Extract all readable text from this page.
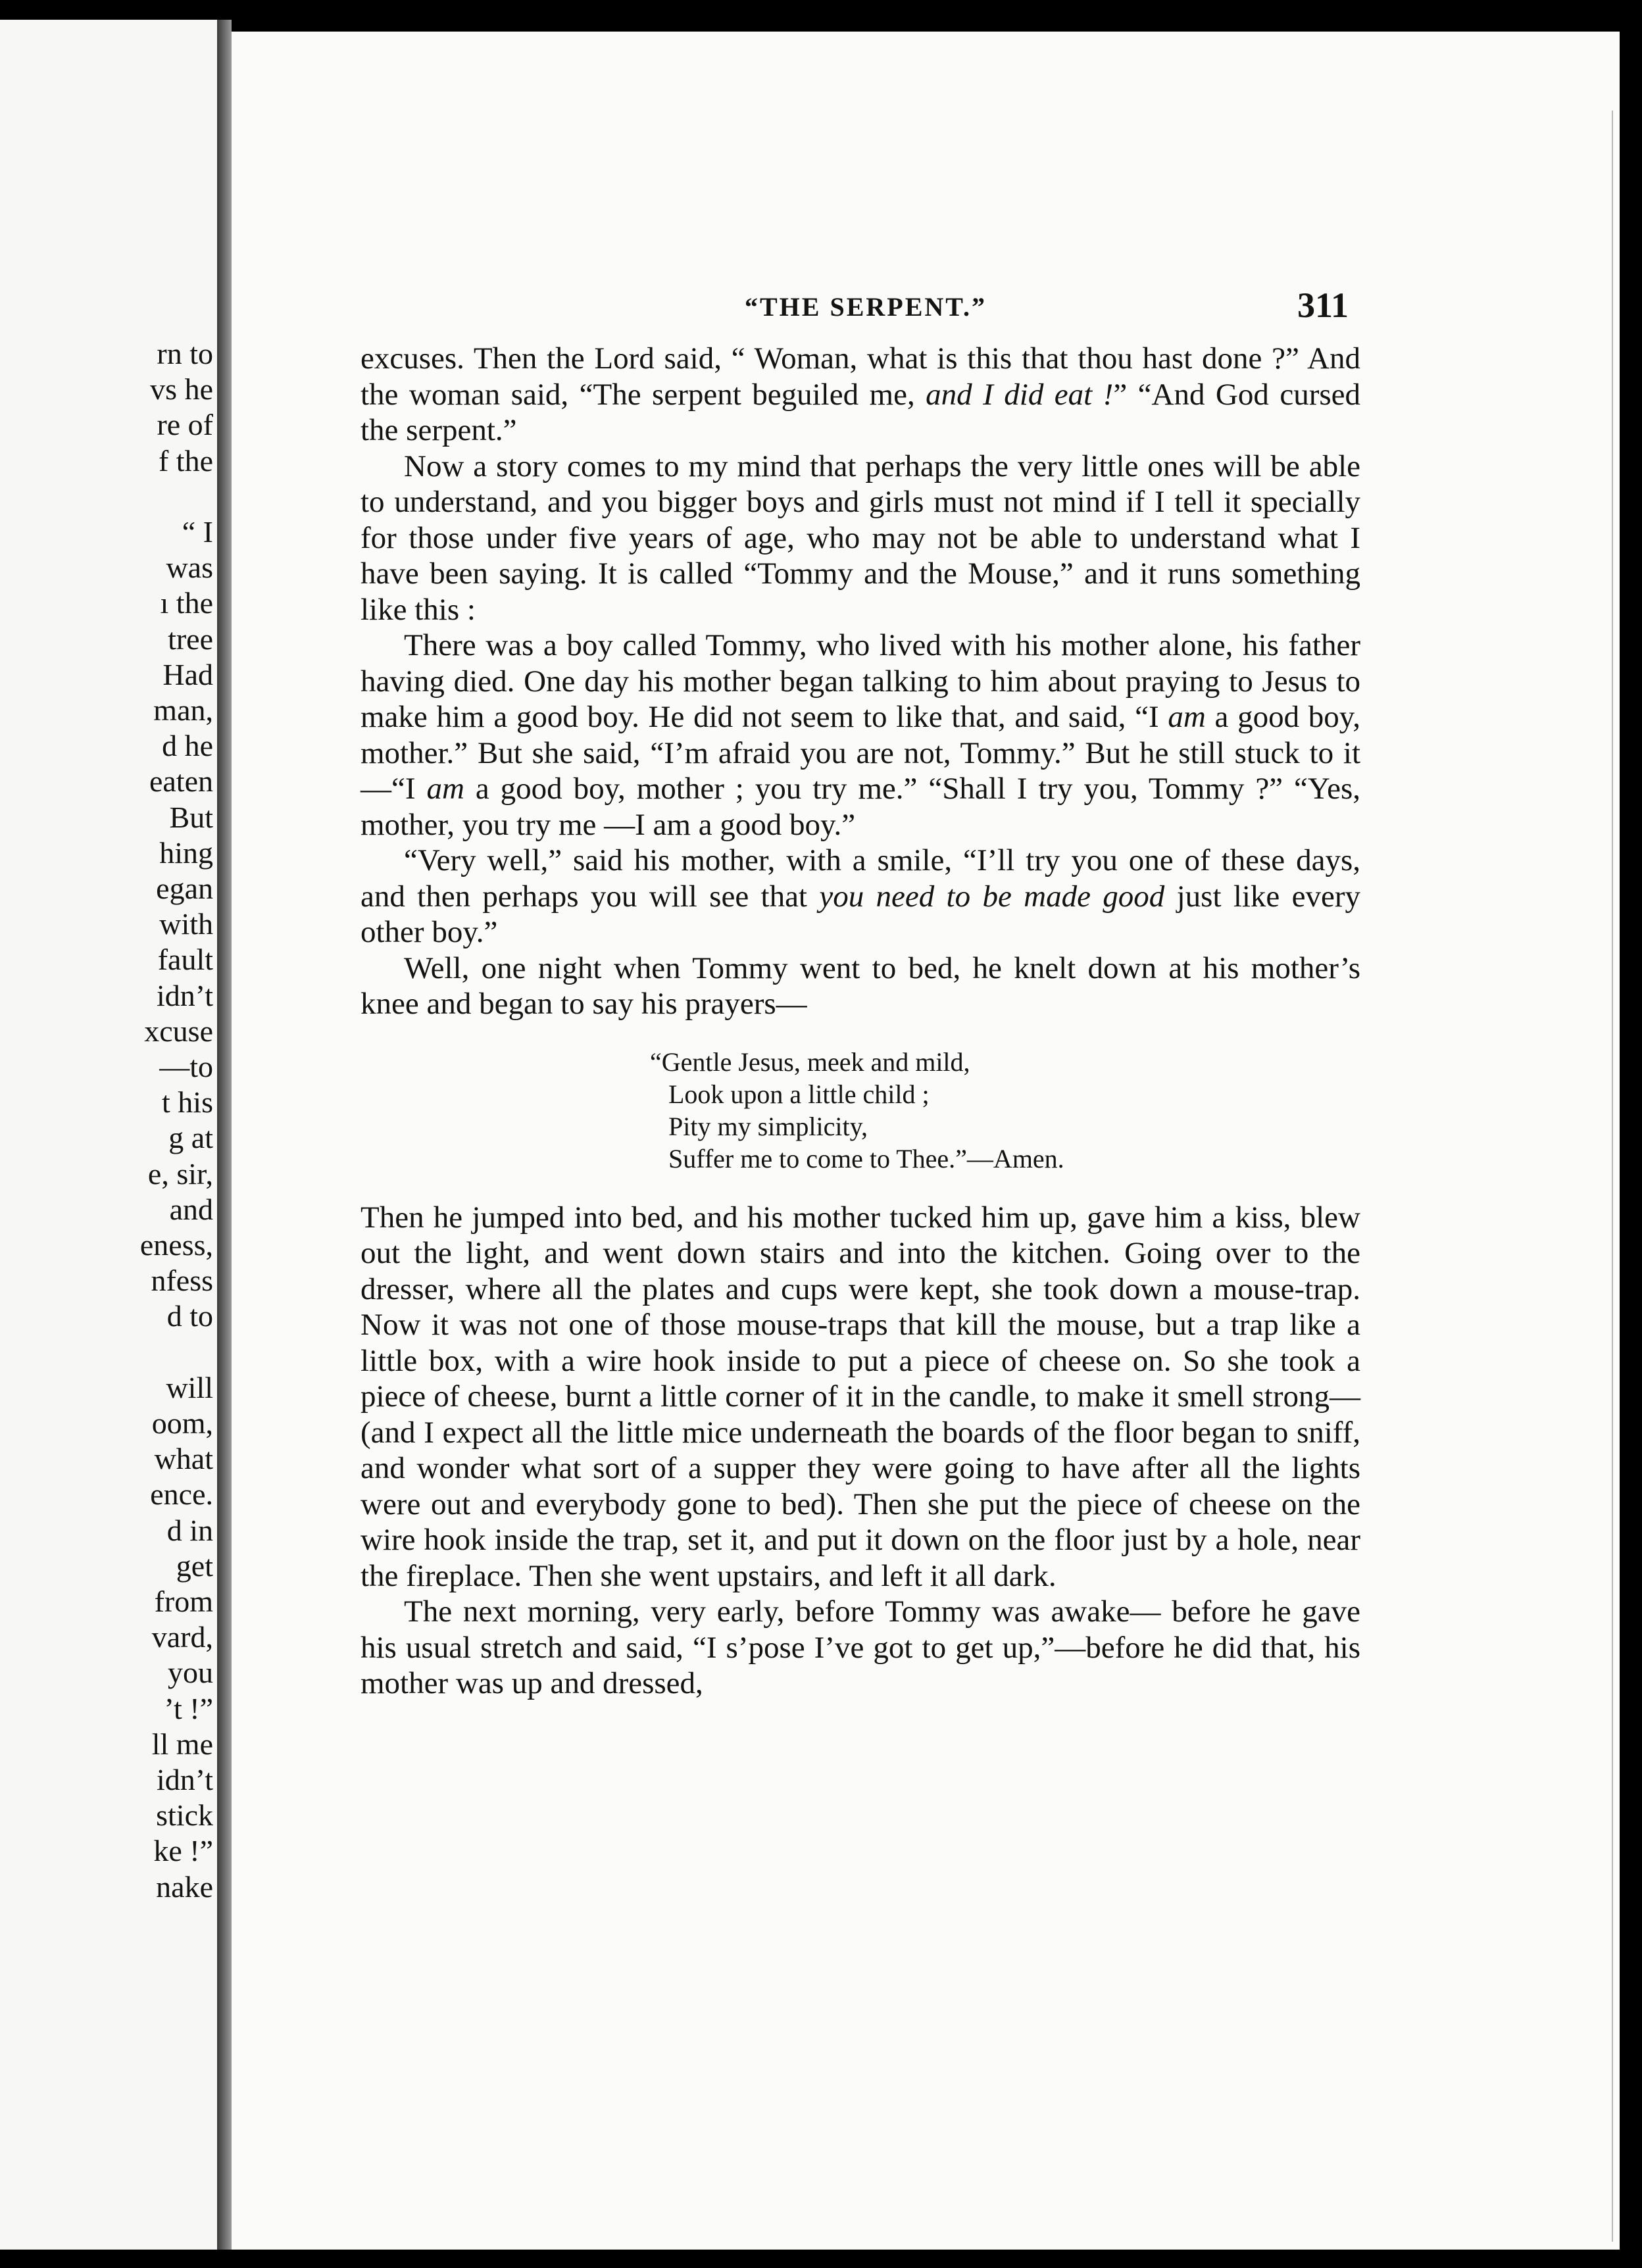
rn to
vs he
re of
f the
“ I
was
ı the
tree
Had
man,
d he
eaten
But
hing
egan
with
fault
idn’t
xcuse
—to
t his
g at
e, sir,
and
eness,
nfess
d to
will
oom,
what
ence.
d in
get
from
vard,
you
’t !”
ll me
idn’t
stick
ke !”
nake
“THE SERPENT.”	311

excuses. Then the Lord said, “ Woman, what is this that thou hast done ?” And the woman said, “The serpent beguiled me, and I did eat !” “And God cursed the serpent.”

Now a story comes to my mind that perhaps the very little ones will be able to understand, and you bigger boys and girls must not mind if I tell it specially for those under five years of age, who may not be able to understand what I have been saying. It is called “Tommy and the Mouse,” and it runs something like this :

There was a boy called Tommy, who lived with his mother alone, his father having died. One day his mother began talking to him about praying to Jesus to make him a good boy. He did not seem to like that, and said, “I am a good boy, mother.” But she said, “I’m afraid you are not, Tommy.” But he still stuck to it—“I am a good boy, mother ; you try me.” “Shall I try you, Tommy ?” “Yes, mother, you try me —I am a good boy.”

“Very well,” said his mother, with a smile, “I’ll try you one of these days, and then perhaps you will see that you need to be made good just like every other boy.”

Well, one night when Tommy went to bed, he knelt down at his mother’s knee and began to say his prayers—

“Gentle Jesus, meek and mild,
Look upon a little child ;
Pity my simplicity,
Suffer me to come to Thee.”—Amen.

Then he jumped into bed, and his mother tucked him up, gave him a kiss, blew out the light, and went down stairs and into the kitchen. Going over to the dresser, where all the plates and cups were kept, she took down a mouse-trap. Now it was not one of those mouse-traps that kill the mouse, but a trap like a little box, with a wire hook inside to put a piece of cheese on. So she took a piece of cheese, burnt a little corner of it in the candle, to make it smell strong—(and I expect all the little mice underneath the boards of the floor began to sniff, and wonder what sort of a supper they were going to have after all the lights were out and everybody gone to bed). Then she put the piece of cheese on the wire hook inside the trap, set it, and put it down on the floor just by a hole, near the fireplace. Then she went upstairs, and left it all dark.

The next morning, very early, before Tommy was awake— before he gave his usual stretch and said, “I s’pose I’ve got to get up,”—before he did that, his mother was up and dressed,
